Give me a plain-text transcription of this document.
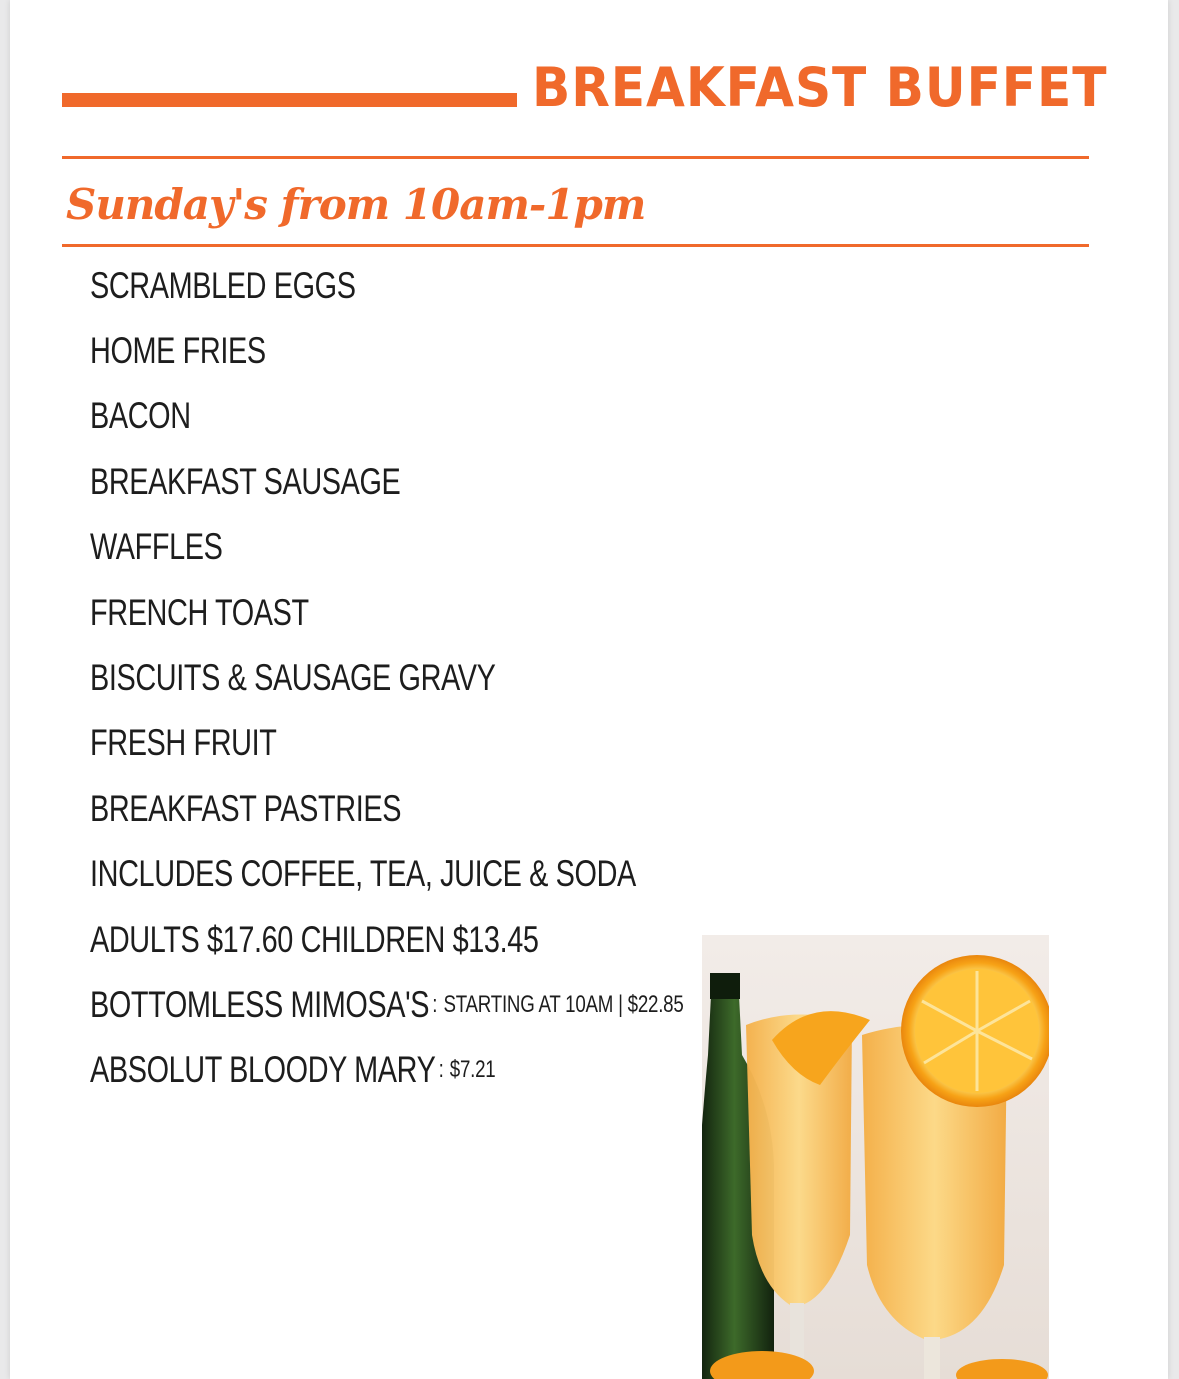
BREAKFAST BUFFET
Sunday's from 10am-1pm
SCRAMBLED EGGS
HOME FRIES
BACON
BREAKFAST SAUSAGE
WAFFLES
FRENCH TOAST
BISCUITS & SAUSAGE GRAVY
FRESH FRUIT
BREAKFAST PASTRIES
INCLUDES COFFEE, TEA, JUICE & SODA
ADULTS $17.60 CHILDREN $13.45
BOTTOMLESS MIMOSA'S : STARTING AT 10AM | $22.85
ABSOLUT BLOODY MARY : $7.21
